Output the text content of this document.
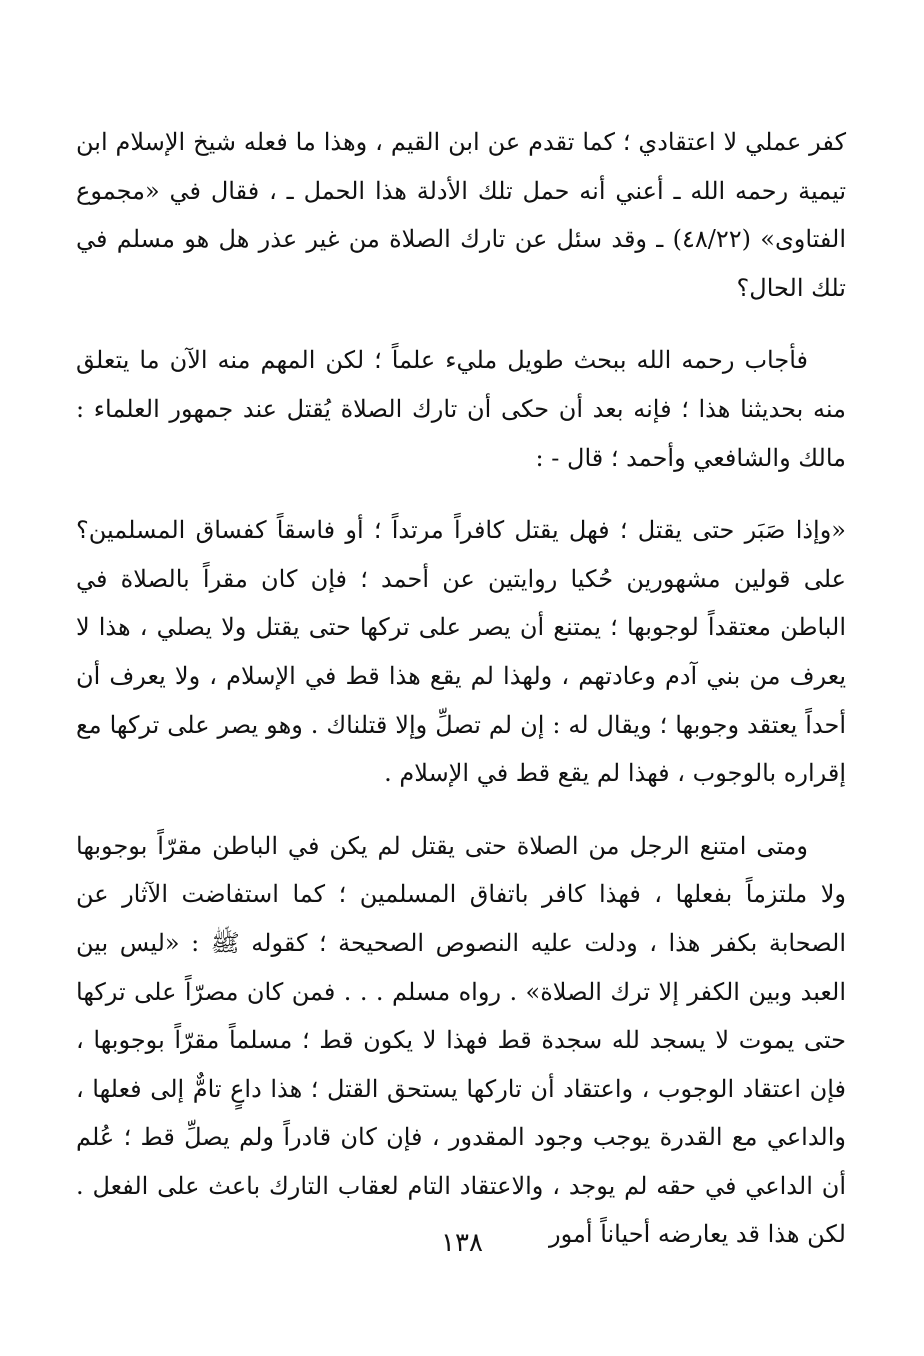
كفر عملي لا اعتقادي ؛ كما تقدم عن ابن القيم ، وهذا ما فعله شيخ الإسلام ابن تيمية رحمه الله ـ أعني أنه حمل تلك الأدلة هذا الحمل ـ ، فقال في «مجموع الفتاوى» (٤٨/٢٢) ـ وقد سئل عن تارك الصلاة من غير عذر هل هو مسلم في تلك الحال؟

فأجاب رحمه الله ببحث طويل مليء علماً ؛ لكن المهم منه الآن ما يتعلق منه بحديثنا هذا ؛ فإنه بعد أن حكى أن تارك الصلاة يُقتل عند جمهور العلماء : مالك والشافعي وأحمد ؛ قال - :

«وإذا صَبَر حتى يقتل ؛ فهل يقتل كافراً مرتداً ؛ أو فاسقاً كفساق المسلمين؟ على قولين مشهورين حُكيا روايتين عن أحمد ؛ فإن كان مقراً بالصلاة في الباطن معتقداً لوجوبها ؛ يمتنع أن يصر على تركها حتى يقتل ولا يصلي ، هذا لا يعرف من بني آدم وعادتهم ، ولهذا لم يقع هذا قط في الإسلام ، ولا يعرف أن أحداً يعتقد وجوبها ؛ ويقال له : إن لم تصلِّ وإلا قتلناك . وهو يصر على تركها مع إقراره بالوجوب ، فهذا لم يقع قط في الإسلام .

ومتى امتنع الرجل من الصلاة حتى يقتل لم يكن في الباطن مقرّاً بوجوبها ولا ملتزماً بفعلها ، فهذا كافر باتفاق المسلمين ؛ كما استفاضت الآثار عن الصحابة بكفر هذا ، ودلت عليه النصوص الصحيحة ؛ كقوله ﷺ : «ليس بين العبد وبين الكفر إلا ترك الصلاة» . رواه مسلم . . . فمن كان مصرّاً على تركها حتى يموت لا يسجد لله سجدة قط فهذا لا يكون قط ؛ مسلماً مقرّاً بوجوبها ، فإن اعتقاد الوجوب ، واعتقاد أن تاركها يستحق القتل ؛ هذا داعٍ تامٌّ إلى فعلها ، والداعي مع القدرة يوجب وجود المقدور ، فإن كان قادراً ولم يصلِّ قط ؛ عُلم أن الداعي في حقه لم يوجد ، والاعتقاد التام لعقاب التارك باعث على الفعل . لكن هذا قد يعارضه أحياناً أمور

١٣٨
